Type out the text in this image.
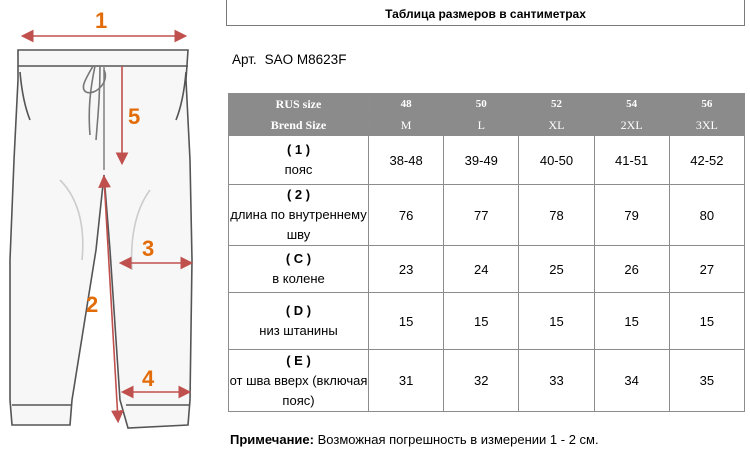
1
5
3
2
4
Таблица размеров в сантиметрах
Арт. SAO M8623F
RUS size	48	50	52	54	56
Brend Size	M	L	XL	2XL	3XL

( 1 )
пояс	38-48	39-49	40-50	41-51	42-52

( 2 )
длина по внутреннему шву	76	77	78	79	80

( C )
в колене	23	24	25	26	27

( D )
низ штанины	15	15	15	15	15

( E )
от шва вверх (включая пояс)	31	32	33	34	35
Примечание: Возможная погрешность в измерении 1 - 2 см.
